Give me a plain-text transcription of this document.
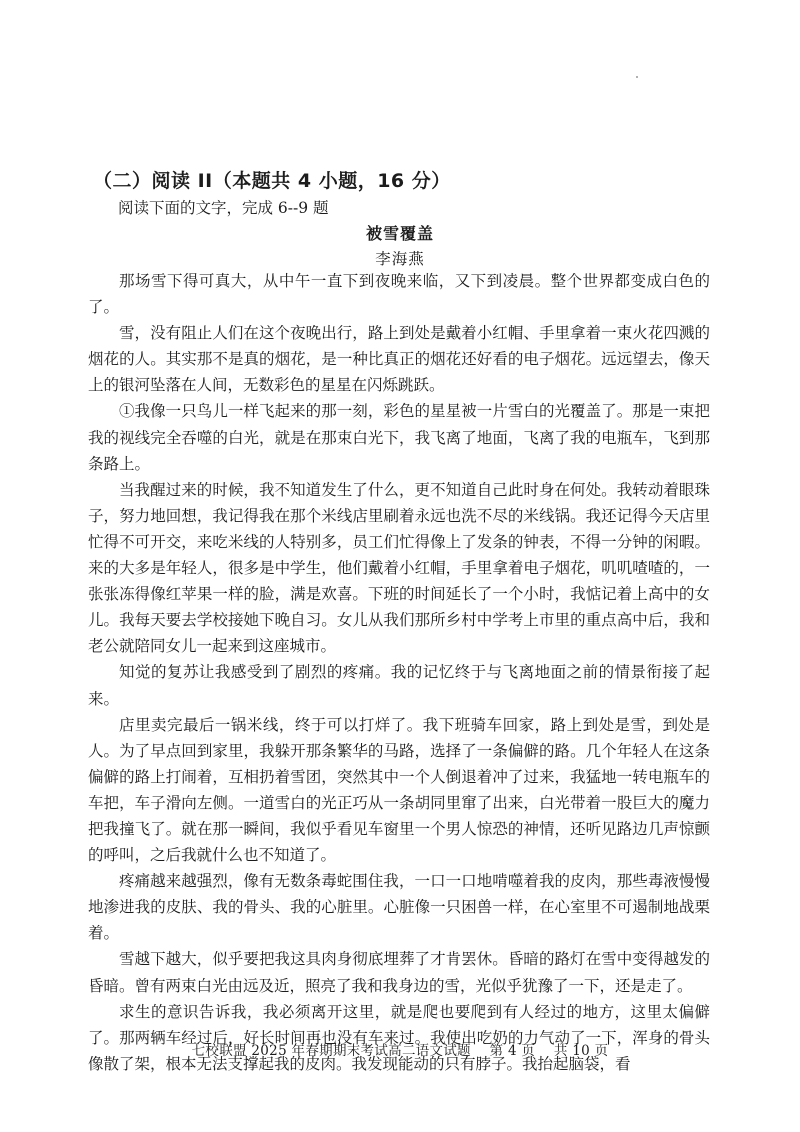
（二）阅读 II（本题共 4 小题，16 分）
阅读下面的文字，完成 6--9 题
被雪覆盖
李海燕

那场雪下得可真大，从中午一直下到夜晚来临，又下到凌晨。整个世界都变成白色的了。

雪，没有阻止人们在这个夜晚出行，路上到处是戴着小红帽、手里拿着一束火花四溅的烟花的人。其实那不是真的烟花，是一种比真正的烟花还好看的电子烟花。远远望去，像天上的银河坠落在人间，无数彩色的星星在闪烁跳跃。

①我像一只鸟儿一样飞起来的那一刻，彩色的星星被一片雪白的光覆盖了。那是一束把我的视线完全吞噬的白光，就是在那束白光下，我飞离了地面，飞离了我的电瓶车，飞到那条路上。

当我醒过来的时候，我不知道发生了什么，更不知道自己此时身在何处。我转动着眼珠子，努力地回想，我记得我在那个米线店里刷着永远也洗不尽的米线锅。我还记得今天店里忙得不可开交，来吃米线的人特别多，员工们忙得像上了发条的钟表，不得一分钟的闲暇。来的大多是年轻人，很多是中学生，他们戴着小红帽，手里拿着电子烟花，叽叽喳喳的，一张张冻得像红苹果一样的脸，满是欢喜。下班的时间延长了一个小时，我惦记着上高中的女儿。我每天要去学校接她下晚自习。女儿从我们那所乡村中学考上市里的重点高中后，我和老公就陪同女儿一起来到这座城市。

知觉的复苏让我感受到了剧烈的疼痛。我的记忆终于与飞离地面之前的情景衔接了起来。

店里卖完最后一锅米线，终于可以打烊了。我下班骑车回家，路上到处是雪，到处是人。为了早点回到家里，我躲开那条繁华的马路，选择了一条偏僻的路。几个年轻人在这条偏僻的路上打闹着，互相扔着雪团，突然其中一个人倒退着冲了过来，我猛地一转电瓶车的车把，车子滑向左侧。一道雪白的光正巧从一条胡同里窜了出来，白光带着一股巨大的魔力把我撞飞了。就在那一瞬间，我似乎看见车窗里一个男人惊恐的神情，还听见路边几声惊颤的呼叫，之后我就什么也不知道了。

疼痛越来越强烈，像有无数条毒蛇围住我，一口一口地啃噬着我的皮肉，那些毒液慢慢地渗进我的皮肤、我的骨头、我的心脏里。心脏像一只困兽一样，在心室里不可遏制地战栗着。

雪越下越大，似乎要把我这具肉身彻底埋葬了才肯罢休。昏暗的路灯在雪中变得越发的昏暗。曾有两束白光由远及近，照亮了我和我身边的雪，光似乎犹豫了一下，还是走了。

求生的意识告诉我，我必须离开这里，就是爬也要爬到有人经过的地方，这里太偏僻了。那两辆车经过后，好长时间再也没有车来过。我使出吃奶的力气动了一下，浑身的骨头像散了架，根本无法支撑起我的皮肉。我发现能动的只有脖子。我抬起脑袋，看

七校联盟 2025 年春期期末考试高二语文试题 第 4 页 共 10 页
